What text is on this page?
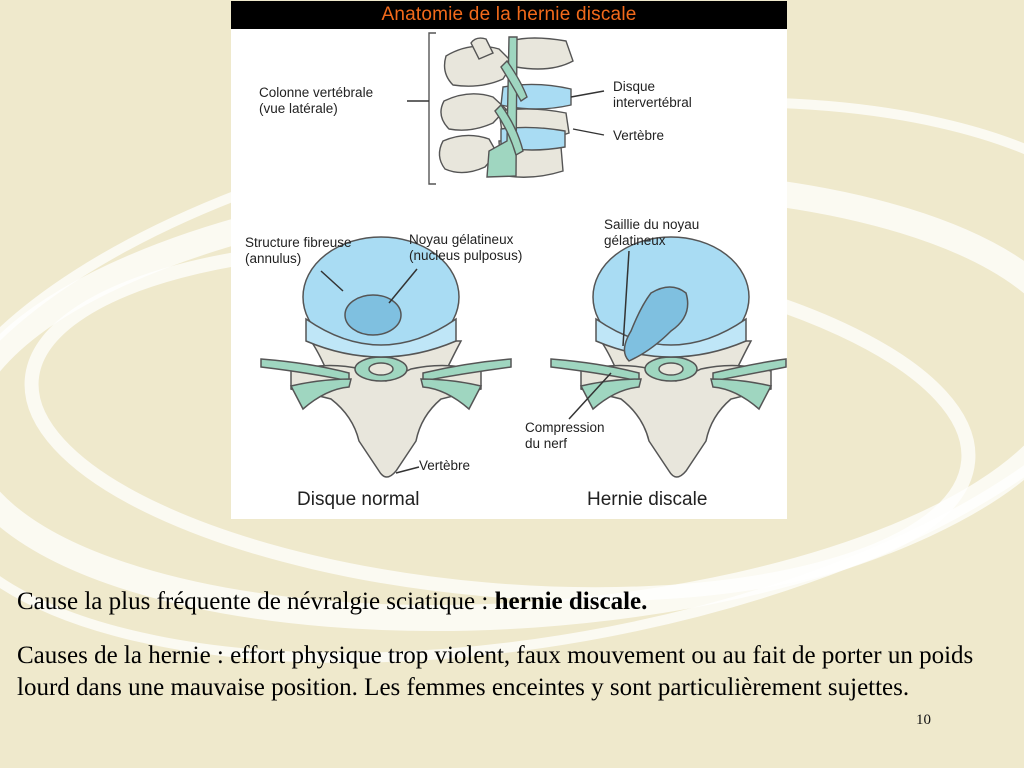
Anatomie de la hernie discale
Colonne vertébrale
(vue latérale)
Disque
intervertébral
Vertèbre
Structure fibreuse
(annulus)
Noyau gélatineux
(nucleus pulposus)
Saillie du noyau
gélatineux
Compression
du nerf
Vertèbre
Disque normal	Hernie discale
Cause la plus fréquente de névralgie sciatique : hernie discale.
Causes de la hernie : effort physique trop violent, faux mouvement ou au fait de porter un poids lourd dans une mauvaise position. Les femmes enceintes y sont particulièrement sujettes.
10
